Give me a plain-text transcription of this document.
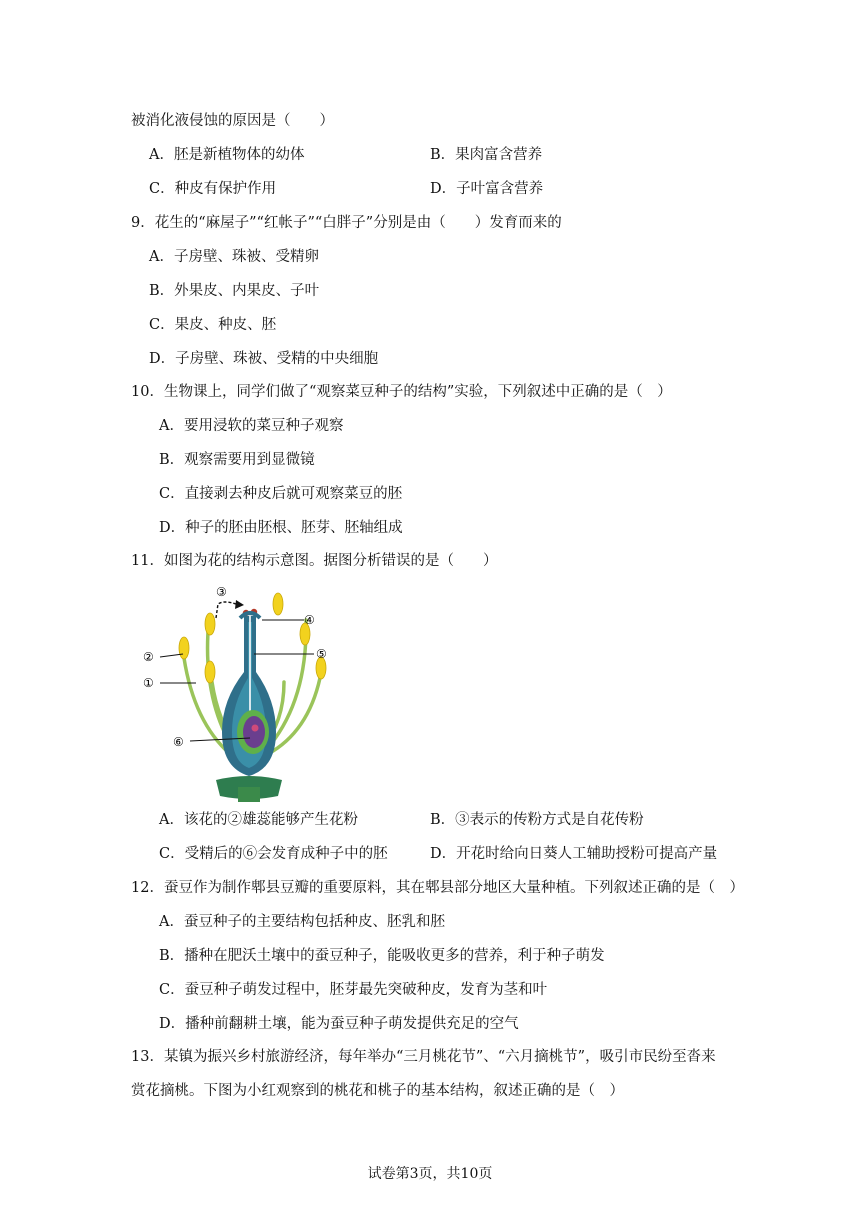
被消化液侵蚀的原因是（　　）
A．胚是新植物体的幼体	B．果肉富含营养
C．种皮有保护作用	D．子叶富含营养
9．花生的“麻屋子”“红帐子”“白胖子”分别是由（　　）发育而来的
A．子房壁、珠被、受精卵
B．外果皮、内果皮、子叶
C．果皮、种皮、胚
D．子房壁、珠被、受精的中央细胞
10．生物课上，同学们做了“观察菜豆种子的结构”实验，下列叙述中正确的是（　）
A．要用浸软的菜豆种子观察
B．观察需要用到显微镜
C．直接剥去种皮后就可观察菜豆的胚
D．种子的胚由胚根、胚芽、胚轴组成
11．如图为花的结构示意图。据图分析错误的是（　　）
③
④
⑤
②
①
⑥
A．该花的②雄蕊能够产生花粉	B．③表示的传粉方式是自花传粉
C．受精后的⑥会发育成种子中的胚	D．开花时给向日葵人工辅助授粉可提高产量
12．蚕豆作为制作郫县豆瓣的重要原料，其在郫县部分地区大量种植。下列叙述正确的是（　）
A．蚕豆种子的主要结构包括种皮、胚乳和胚
B．播种在肥沃土壤中的蚕豆种子，能吸收更多的营养，利于种子萌发
C．蚕豆种子萌发过程中，胚芽最先突破种皮，发育为茎和叶
D．播种前翻耕土壤，能为蚕豆种子萌发提供充足的空气
13．某镇为振兴乡村旅游经济，每年举办“三月桃花节”、“六月摘桃节”，吸引市民纷至沓来
赏花摘桃。下图为小红观察到的桃花和桃子的基本结构，叙述正确的是（　）
试卷第3页，共10页
